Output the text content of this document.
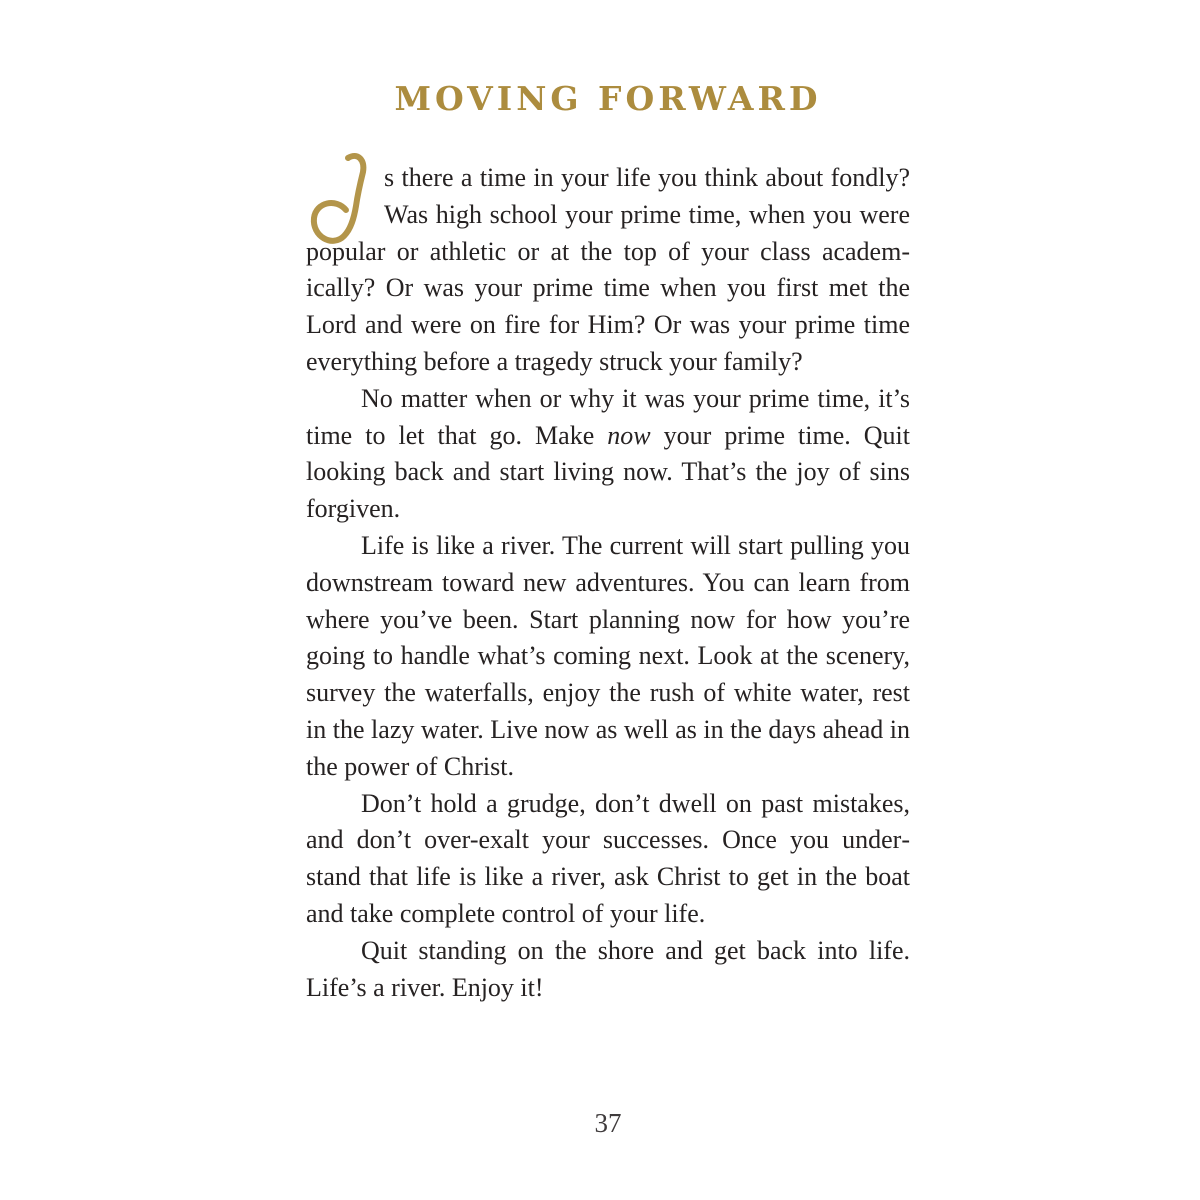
MOVING FORWARD

s there a time in your life you think about fondly? Was high school your prime time, when you were popular or athletic or at the top of your class academically? Or was your prime time when you first met the Lord and were on fire for Him? Or was your prime time everything before a tragedy struck your family?

No matter when or why it was your prime time, it’s time to let that go. Make now your prime time. Quit looking back and start living now. That’s the joy of sins forgiven.

Life is like a river. The current will start pulling you downstream toward new adventures. You can learn from where you’ve been. Start planning now for how you’re going to handle what’s coming next. Look at the scenery, survey the waterfalls, enjoy the rush of white water, rest in the lazy water. Live now as well as in the days ahead in the power of Christ.

Don’t hold a grudge, don’t dwell on past mistakes, and don’t over-exalt your successes. Once you understand that life is like a river, ask Christ to get in the boat and take complete control of your life.

Quit standing on the shore and get back into life. Life’s a river. Enjoy it!

37
